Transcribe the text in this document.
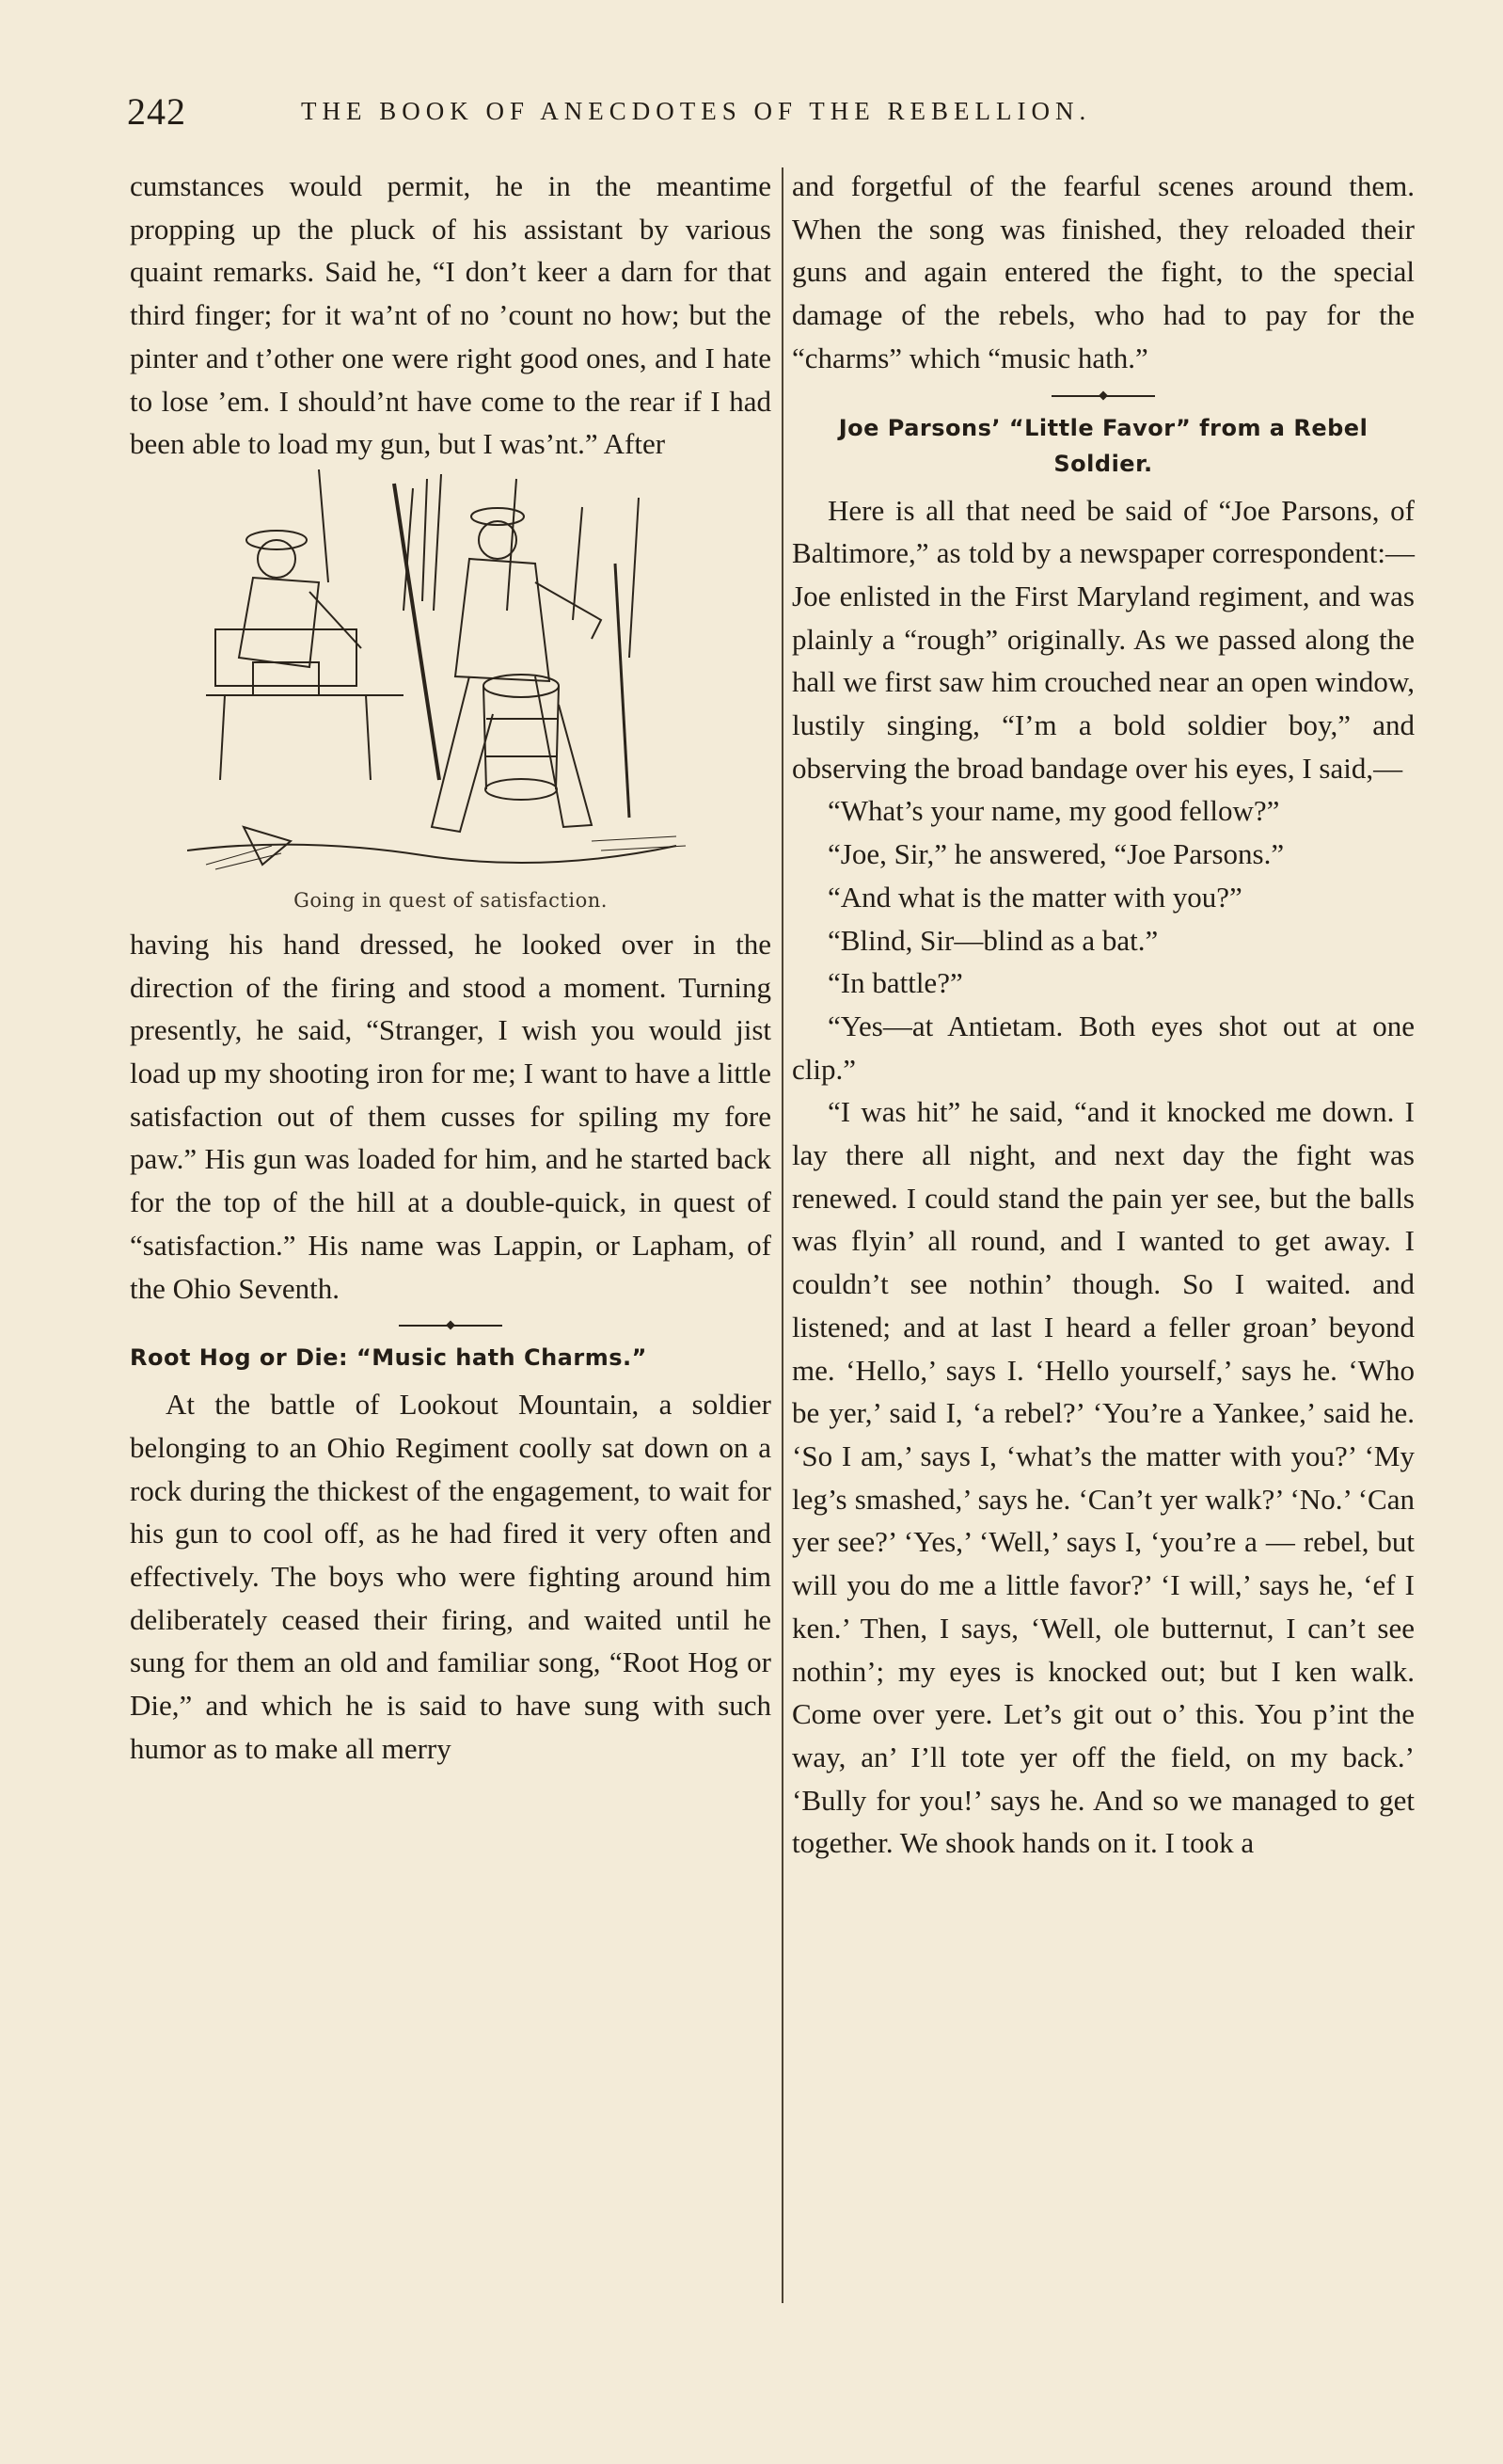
242	THE BOOK OF ANECDOTES OF THE REBELLION.

cumstances would permit, he in the meantime propping up the pluck of his assistant by various quaint remarks. Said he, “I don’t keer a darn for that third finger; for it wa’nt of no ’count no how; but the pinter and t’other one were right good ones, and I hate to lose ’em. I should’nt have come to the rear if I had been able to load my gun, but I was’nt.” After

Going in quest of satisfaction.

having his hand dressed, he looked over in the direction of the firing and stood a moment. Turning presently, he said, “Stranger, I wish you would jist load up my shooting iron for me; I want to have a little satisfaction out of them cusses for spiling my fore paw.” His gun was loaded for him, and he started back for the top of the hill at a double-quick, in quest of “satisfaction.” His name was Lappin, or Lapham, of the Ohio Seventh.

Root Hog or Die: “Music hath Charms.”

At the battle of Lookout Mountain, a soldier belonging to an Ohio Regiment coolly sat down on a rock during the thickest of the engagement, to wait for his gun to cool off, as he had fired it very often and effectively. The boys who were fighting around him deliberately ceased their firing, and waited until he sung for them an old and familiar song, “Root Hog or Die,” and which he is said to have sung with such humor as to make all merry

and forgetful of the fearful scenes around them. When the song was finished, they reloaded their guns and again entered the fight, to the special damage of the rebels, who had to pay for the “charms” which “music hath.”

Joe Parsons’ “Little Favor” from a Rebel Soldier.

Here is all that need be said of “Joe Parsons, of Baltimore,” as told by a newspaper correspondent:—Joe enlisted in the First Maryland regiment, and was plainly a “rough” originally. As we passed along the hall we first saw him crouched near an open window, lustily singing, “I’m a bold soldier boy,” and observing the broad bandage over his eyes, I said,—

“What’s your name, my good fellow?”

“Joe, Sir,” he answered, “Joe Parsons.”

“And what is the matter with you?”

“Blind, Sir—blind as a bat.”

“In battle?”

“Yes—at Antietam. Both eyes shot out at one clip.”

“I was hit” he said, “and it knocked me down. I lay there all night, and next day the fight was renewed. I could stand the pain yer see, but the balls was flyin’ all round, and I wanted to get away. I couldn’t see nothin’ though. So I waited. and listened; and at last I heard a feller groan’ beyond me. ‘Hello,’ says I. ‘Hello yourself,’ says he. ‘Who be yer,’ said I, ‘a rebel?’ ‘You’re a Yankee,’ said he. ‘So I am,’ says I, ‘what’s the matter with you?’ ‘My leg’s smashed,’ says he. ‘Can’t yer walk?’ ‘No.’ ‘Can yer see?’ ‘Yes,’ ‘Well,’ says I, ‘you’re a — rebel, but will you do me a little favor?’ ‘I will,’ says he, ‘ef I ken.’ Then, I says, ‘Well, ole butternut, I can’t see nothin’; my eyes is knocked out; but I ken walk. Come over yere. Let’s git out o’ this. You p’int the way, an’ I’ll tote yer off the field, on my back.’ ‘Bully for you!’ says he. And so we managed to get together. We shook hands on it. I took a
